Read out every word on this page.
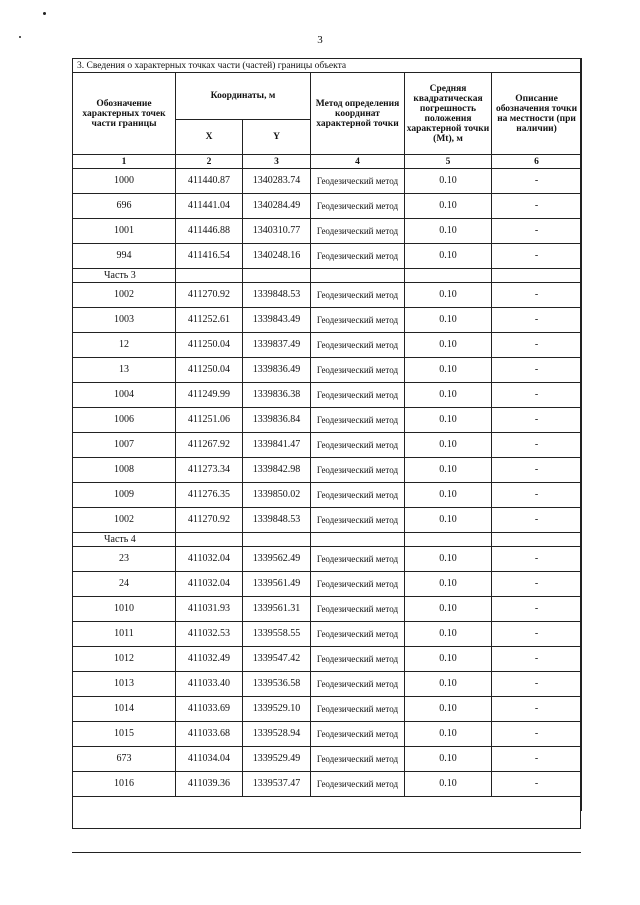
3
3. Сведения о характерных точках части (частей) границы объекта					
Обозначение характерных точек части границы	Координаты, м		Метод определения координат характерной точки	Средняя квадратическая погрешность положения характерной точки (Mt), м	Описание обозначения точки на местности (при наличии)
	X	Y			
1	2	3	4	5	6
1000	411440.87	1340283.74	Геодезический метод	0.10	-
696	411441.04	1340284.49	Геодезический метод	0.10	-
1001	411446.88	1340310.77	Геодезический метод	0.10	-
994	411416.54	1340248.16	Геодезический метод	0.10	-
Часть 3					
1002	411270.92	1339848.53	Геодезический метод	0.10	-
1003	411252.61	1339843.49	Геодезический метод	0.10	-
12	411250.04	1339837.49	Геодезический метод	0.10	-
13	411250.04	1339836.49	Геодезический метод	0.10	-
1004	411249.99	1339836.38	Геодезический метод	0.10	-
1006	411251.06	1339836.84	Геодезический метод	0.10	-
1007	411267.92	1339841.47	Геодезический метод	0.10	-
1008	411273.34	1339842.98	Геодезический метод	0.10	-
1009	411276.35	1339850.02	Геодезический метод	0.10	-
1002	411270.92	1339848.53	Геодезический метод	0.10	-
Часть 4					
23	411032.04	1339562.49	Геодезический метод	0.10	-
24	411032.04	1339561.49	Геодезический метод	0.10	-
1010	411031.93	1339561.31	Геодезический метод	0.10	-
1011	411032.53	1339558.55	Геодезический метод	0.10	-
1012	411032.49	1339547.42	Геодезический метод	0.10	-
1013	411033.40	1339536.58	Геодезический метод	0.10	-
1014	411033.69	1339529.10	Геодезический метод	0.10	-
1015	411033.68	1339528.94	Геодезический метод	0.10	-
673	411034.04	1339529.49	Геодезический метод	0.10	-
1016	411039.36	1339537.47	Геодезический метод	0.10	-
